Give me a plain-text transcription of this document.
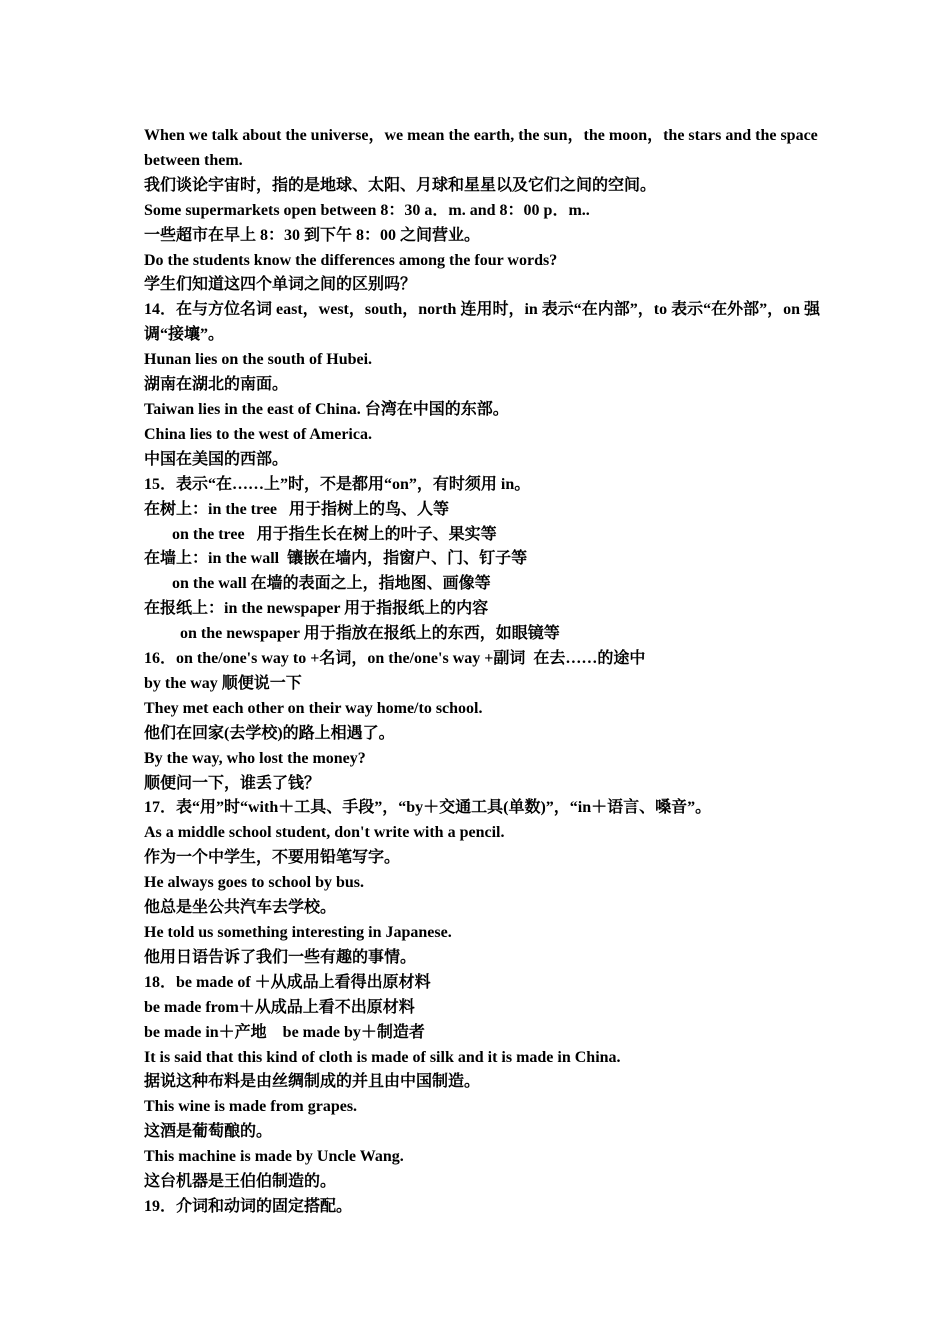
When we talk about the universe，we mean the earth, the sun，the moon，the stars and the space between them.

我们谈论宇宙时，指的是地球、太阳、月球和星星以及它们之间的空间。

Some supermarkets open between 8：30 a．m. and 8：00 p．m..

一些超市在早上 8：30 到下午 8：00 之间营业。

Do the students know the differences among the four words?

学生们知道这四个单词之间的区别吗？

14．在与方位名词 east，west，south，north 连用时，in 表示“在内部”，to 表示“在外部”，on 强调“接壤”。

Hunan lies on the south of Hubei.

湖南在湖北的南面。

Taiwan lies in the east of China. 台湾在中国的东部。

China lies to the west of America.

中国在美国的西部。

15．表示“在……上”时，不是都用“on”，有时须用 in。

在树上：in the tree   用于指树上的鸟、人等

on the tree   用于指生长在树上的叶子、果实等

在墙上：in the wall  镶嵌在墙内，指窗户、门、钉子等

on the wall 在墙的表面之上，指地图、画像等

在报纸上：in the newspaper 用于指报纸上的内容

on the newspaper 用于指放在报纸上的东西，如眼镜等

16．on the/one's way to +名词，on the/one's way +副词  在去……的途中

by the way 顺便说一下

They met each other on their way home/to school.

他们在回家(去学校)的路上相遇了。

By the way, who lost the money?

顺便问一下，谁丢了钱？

17．表“用”时“with＋工具、手段”，“by＋交通工具(单数)”，“in＋语言、嗓音”。

As a middle school student, don't write with a pencil.

作为一个中学生，不要用铅笔写字。

He always goes to school by bus.

他总是坐公共汽车去学校。

He told us something interesting in Japanese.

他用日语告诉了我们一些有趣的事情。

18．be made of ＋从成品上看得出原材料

be made from＋从成品上看不出原材料

be made in＋产地    be made by＋制造者

It is said that this kind of cloth is made of silk and it is made in China.

据说这种布料是由丝绸制成的并且由中国制造。

This wine is made from grapes.

这酒是葡萄酿的。

This machine is made by Uncle Wang.

这台机器是王伯伯制造的。

19．介词和动词的固定搭配。
